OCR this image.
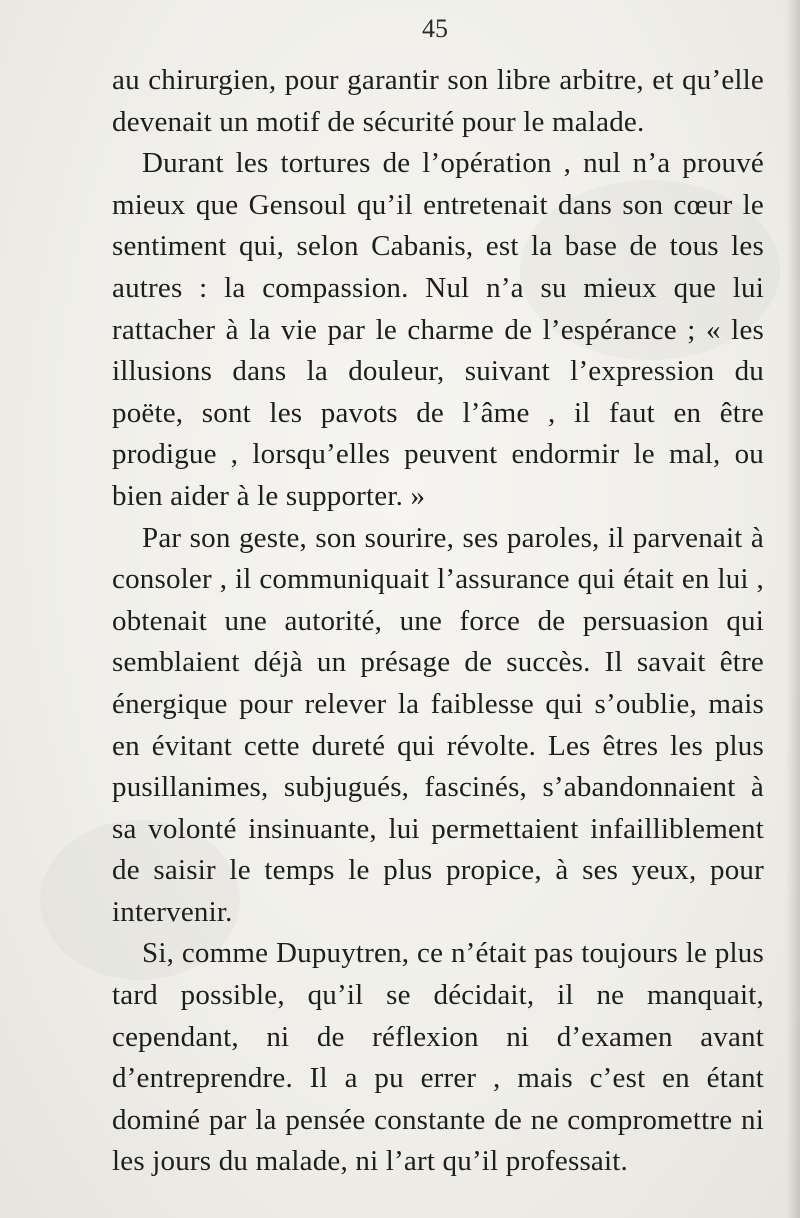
45

au chirurgien, pour garantir son libre arbitre, et qu’elle devenait un motif de sécurité pour le malade.

Durant les tortures de l’opération , nul n’a prouvé mieux que Gensoul qu’il entretenait dans son cœur le sentiment qui, selon Cabanis, est la base de tous les autres : la compassion. Nul n’a su mieux que lui rattacher à la vie par le charme de l’espérance ; « les illusions dans la douleur, suivant l’expression du poëte, sont les pavots de l’âme , il faut en être prodigue , lorsqu’elles peuvent endormir le mal, ou bien aider à le supporter. »

Par son geste, son sourire, ses paroles, il parvenait à consoler , il communiquait l’assurance qui était en lui , obtenait une autorité, une force de persuasion qui semblaient déjà un présage de succès. Il savait être énergique pour relever la faiblesse qui s’oublie, mais en évitant cette dureté qui révolte. Les êtres les plus pusillanimes, subjugués, fascinés, s’abandonnaient à sa volonté insinuante, lui permettaient infailliblement de saisir le temps le plus propice, à ses yeux, pour intervenir.

Si, comme Dupuytren, ce n’était pas toujours le plus tard possible, qu’il se décidait, il ne manquait, cependant, ni de réflexion ni d’examen avant d’entreprendre. Il a pu errer , mais c’est en étant dominé par la pensée constante de ne compromettre ni les jours du malade, ni l’art qu’il professait.
